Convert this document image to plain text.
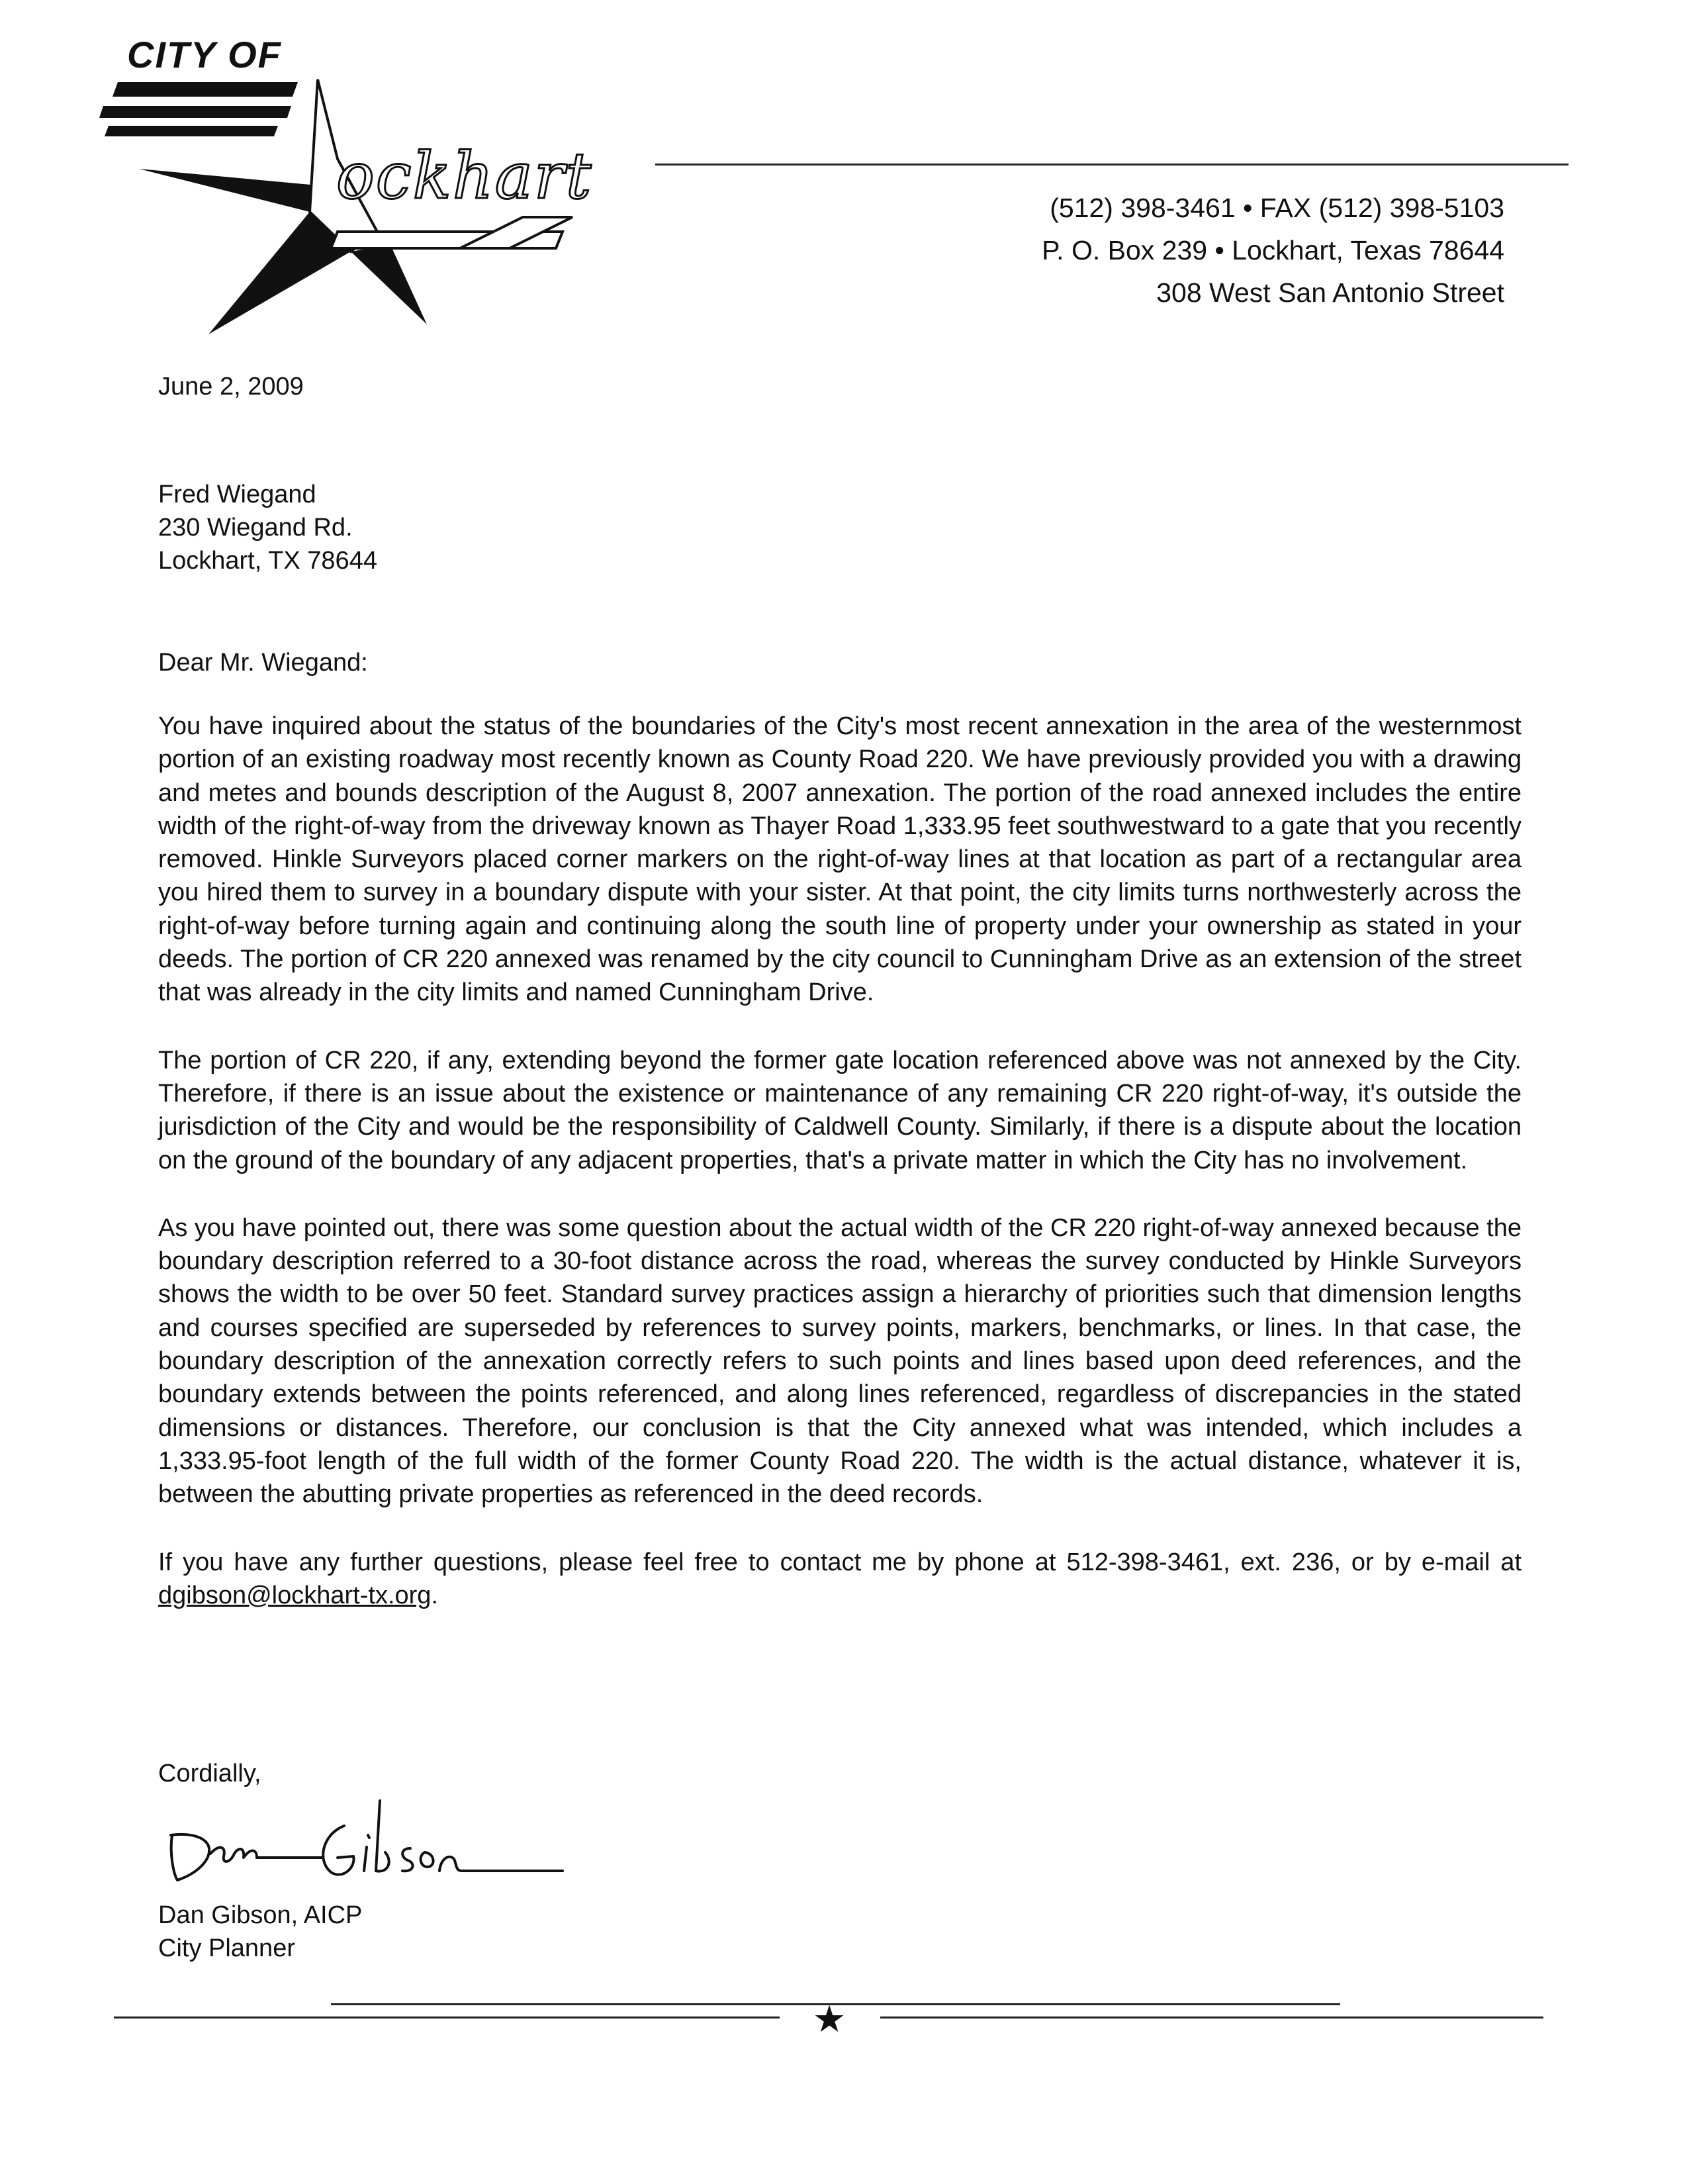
CITY OF
ockhart	(512) 398-3461 • FAX (512) 398-5103
P. O. Box 239 • Lockhart, Texas 78644
308 West San Antonio Street
June 2, 2009
Fred Wiegand
230 Wiegand Rd.
Lockhart, TX 78644
Dear Mr. Wiegand:

You have inquired about the status of the boundaries of the City's most recent annexation in the area of the westernmost portion of an existing roadway most recently known as County Road 220. We have previously provided you with a drawing and metes and bounds description of the August 8, 2007 annexation. The portion of the road annexed includes the entire width of the right-of-way from the driveway known as Thayer Road 1,333.95 feet southwestward to a gate that you recently removed. Hinkle Surveyors placed corner markers on the right-of-way lines at that location as part of a rectangular area you hired them to survey in a boundary dispute with your sister. At that point, the city limits turns northwesterly across the right-of-way before turning again and continuing along the south line of property under your ownership as stated in your deeds. The portion of CR 220 annexed was renamed by the city council to Cunningham Drive as an extension of the street that was already in the city limits and named Cunningham Drive.

The portion of CR 220, if any, extending beyond the former gate location referenced above was not annexed by the City. Therefore, if there is an issue about the existence or maintenance of any remaining CR 220 right-of-way, it's outside the jurisdiction of the City and would be the responsibility of Caldwell County. Similarly, if there is a dispute about the location on the ground of the boundary of any adjacent properties, that's a private matter in which the City has no involvement.

As you have pointed out, there was some question about the actual width of the CR 220 right-of-way annexed because the boundary description referred to a 30-foot distance across the road, whereas the survey conducted by Hinkle Surveyors shows the width to be over 50 feet. Standard survey practices assign a hierarchy of priorities such that dimension lengths and courses specified are superseded by references to survey points, markers, benchmarks, or lines. In that case, the boundary description of the annexation correctly refers to such points and lines based upon deed references, and the boundary extends between the points referenced, and along lines referenced, regardless of discrepancies in the stated dimensions or distances. Therefore, our conclusion is that the City annexed what was intended, which includes a 1,333.95-foot length of the full width of the former County Road 220. The width is the actual distance, whatever it is, between the abutting private properties as referenced in the deed records.

If you have any further questions, please feel free to contact me by phone at 512-398-3461, ext. 236, or by e-mail at dgibson@lockhart-tx.org.

Cordially,
Dan Gibson, AICP
City Planner
★
